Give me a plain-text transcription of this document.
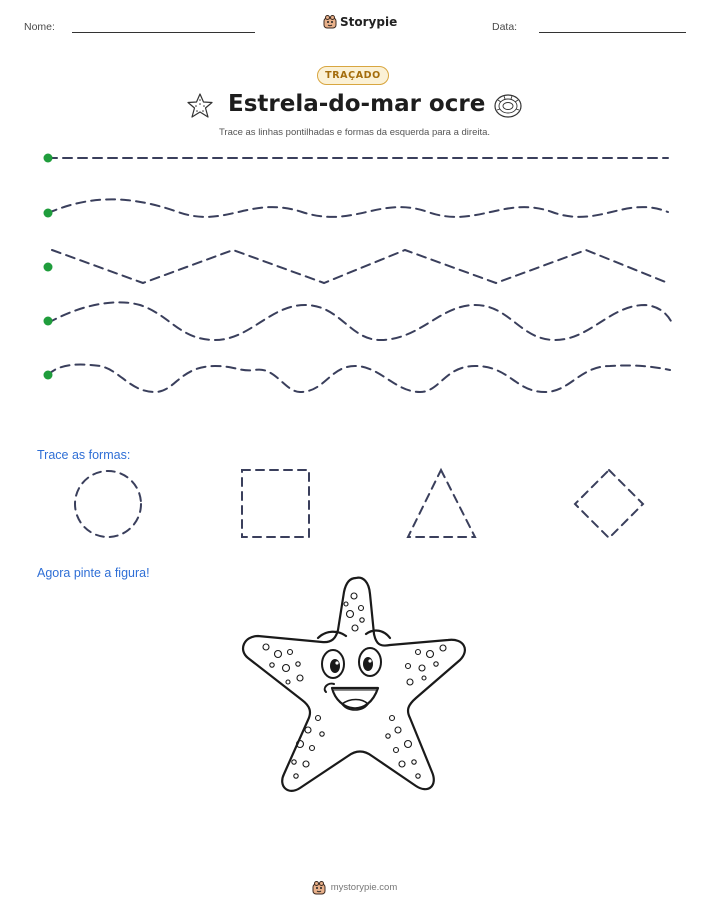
Nome:	Storypie	Data:
TRAÇADO
Estrela-do-mar ocre
Trace as linhas pontilhadas e formas da esquerda para a direita.
Trace as formas:
Agora pinte a figura!
mystorypie.com
